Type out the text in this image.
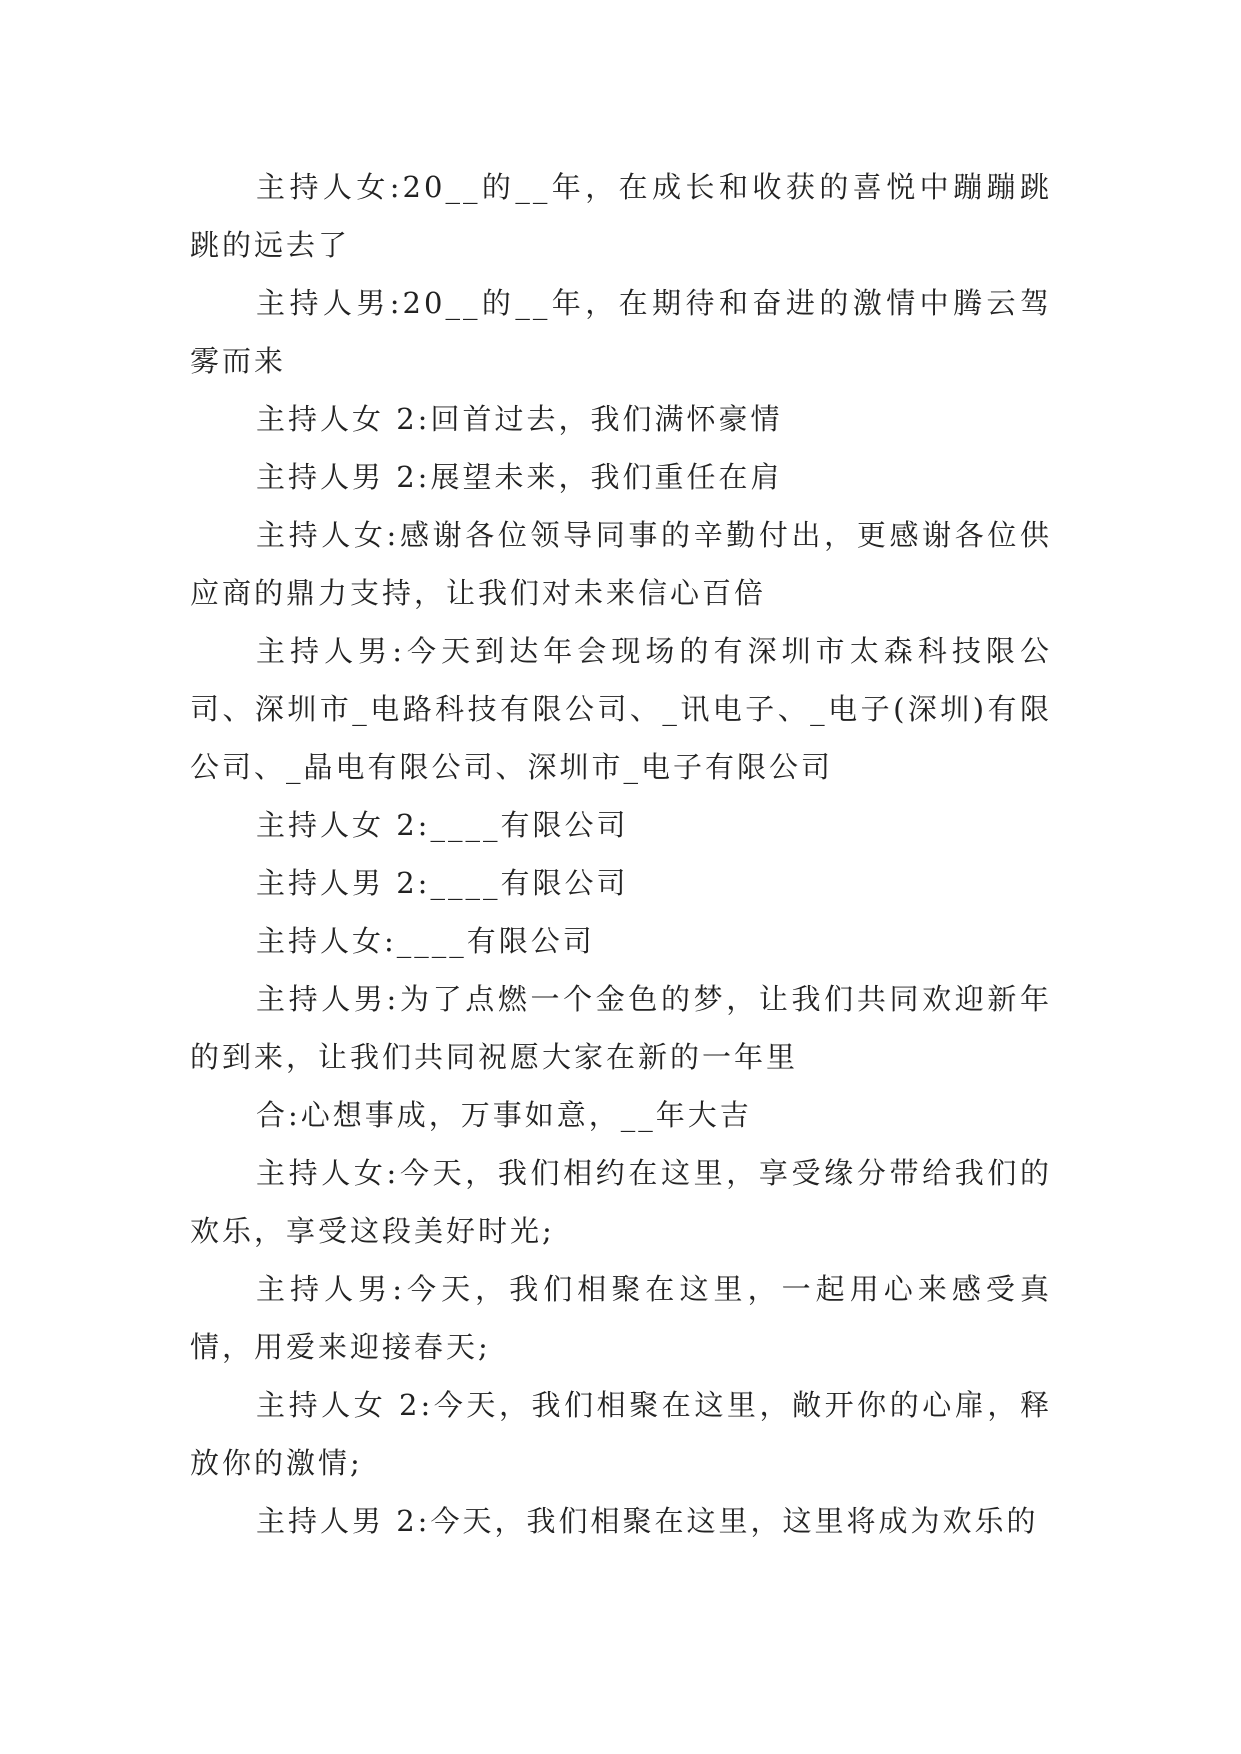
主持人女:20__的__年，在成长和收获的喜悦中蹦蹦跳跳的远去了

主持人男:20__的__年，在期待和奋进的激情中腾云驾雾而来

主持人女 2:回首过去，我们满怀豪情

主持人男 2:展望未来，我们重任在肩

主持人女:感谢各位领导同事的辛勤付出，更感谢各位供应商的鼎力支持，让我们对未来信心百倍

主持人男:今天到达年会现场的有深圳市太森科技限公司、深圳市_电路科技有限公司、_讯电子、_电子(深圳)有限公司、_晶电有限公司、深圳市_电子有限公司

主持人女 2:____有限公司

主持人男 2:____有限公司

主持人女:____有限公司

主持人男:为了点燃一个金色的梦，让我们共同欢迎新年的到来，让我们共同祝愿大家在新的一年里

合:心想事成，万事如意，__年大吉

主持人女:今天，我们相约在这里，享受缘分带给我们的欢乐，享受这段美好时光;

主持人男:今天，我们相聚在这里，一起用心来感受真情，用爱来迎接春天;

主持人女 2:今天，我们相聚在这里，敞开你的心扉，释放你的激情;

主持人男 2:今天，我们相聚在这里，这里将成为欢乐的
